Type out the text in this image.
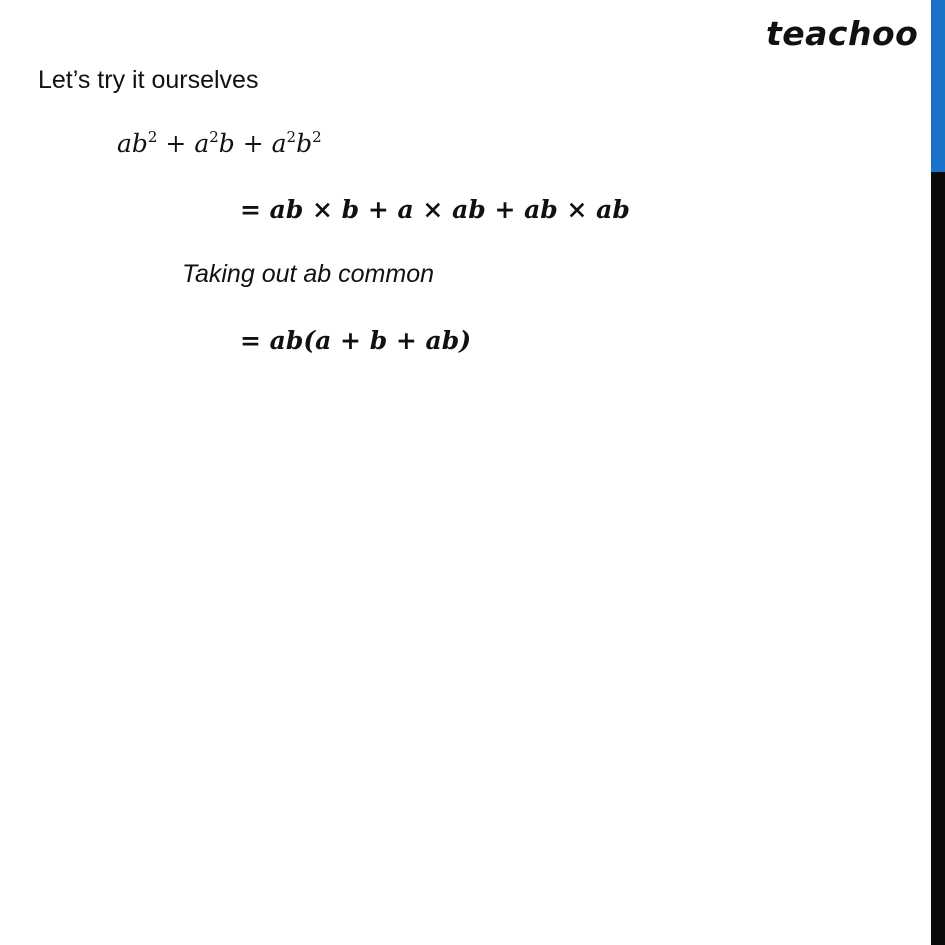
teachoo
Let’s try it ourselves
$ab^2 + a^2b + a^2b^2$
= ab × b + a × ab + ab × ab
Taking out ab common
= ab(a + b + ab)
